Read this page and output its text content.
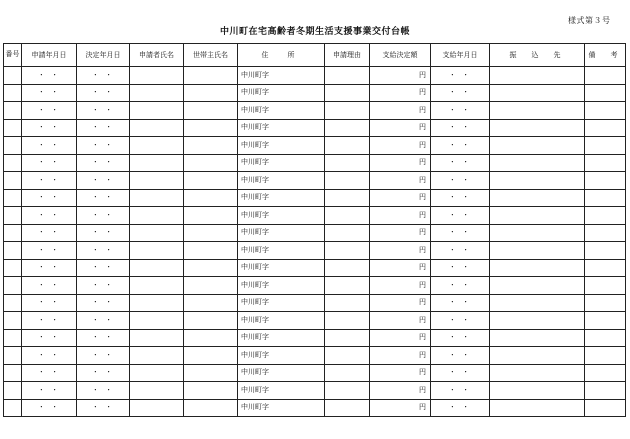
様式第３号
中川町在宅高齢者冬期生活支援事業交付台帳
番号	申請年月日	決定年月日	申請者氏名	世帯主氏名	住　所	申請理由	支給決定額	支給年月日	振　込　先	備　考
	・ ・	・ ・			中川町字		円	・ ・		
	・ ・	・ ・			中川町字		円	・ ・		
	・ ・	・ ・			中川町字		円	・ ・		
	・ ・	・ ・			中川町字		円	・ ・		
	・ ・	・ ・			中川町字		円	・ ・		
	・ ・	・ ・			中川町字		円	・ ・		
	・ ・	・ ・			中川町字		円	・ ・		
	・ ・	・ ・			中川町字		円	・ ・		
	・ ・	・ ・			中川町字		円	・ ・		
	・ ・	・ ・			中川町字		円	・ ・		
	・ ・	・ ・			中川町字		円	・ ・		
	・ ・	・ ・			中川町字		円	・ ・		
	・ ・	・ ・			中川町字		円	・ ・		
	・ ・	・ ・			中川町字		円	・ ・		
	・ ・	・ ・			中川町字		円	・ ・		
	・ ・	・ ・			中川町字		円	・ ・		
	・ ・	・ ・			中川町字		円	・ ・		
	・ ・	・ ・			中川町字		円	・ ・		
	・ ・	・ ・			中川町字		円	・ ・		
	・ ・	・ ・			中川町字		円	・ ・		
